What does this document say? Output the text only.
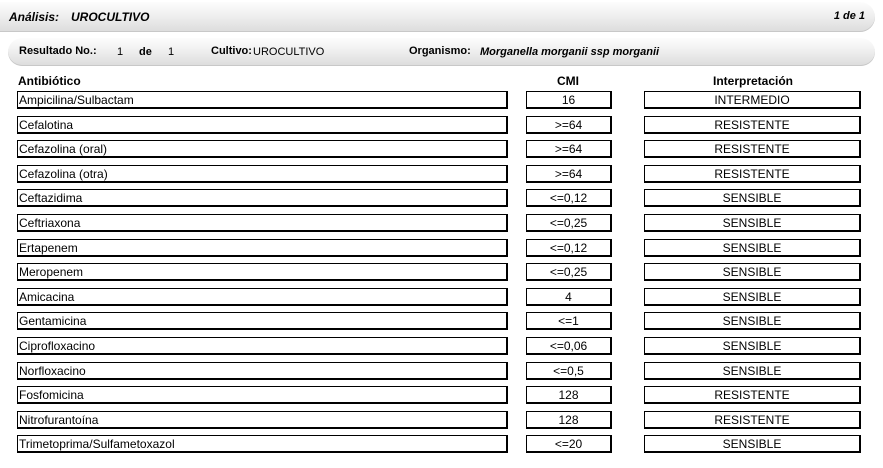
Análisis: UROCULTIVO	1 de 1
Resultado No.: 1 de 1	Cultivo: UROCULTIVO	Organismo: Morganella morganii ssp morganii
Antibiótico	CMI	Interpretación
Ampicilina/Sulbactam	16	INTERMEDIO
Cefalotina	>=64	RESISTENTE
Cefazolina (oral)	>=64	RESISTENTE
Cefazolina (otra)	>=64	RESISTENTE
Ceftazidima	<=0,12	SENSIBLE
Ceftriaxona	<=0,25	SENSIBLE
Ertapenem	<=0,12	SENSIBLE
Meropenem	<=0,25	SENSIBLE
Amicacina	4	SENSIBLE
Gentamicina	<=1	SENSIBLE
Ciprofloxacino	<=0,06	SENSIBLE
Norfloxacino	<=0,5	SENSIBLE
Fosfomicina	128	RESISTENTE
Nitrofurantoína	128	RESISTENTE
Trimetoprima/Sulfametoxazol	<=20	SENSIBLE
